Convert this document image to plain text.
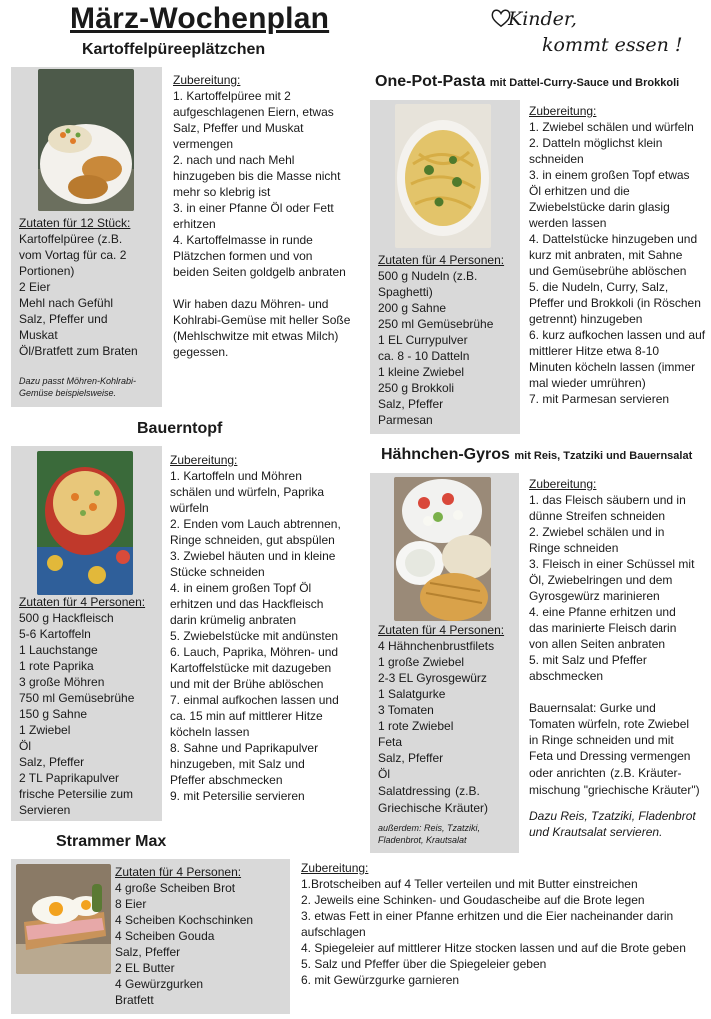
März-Wochenplan	Kinder,
kommt essen !
Kartoffelpüreeplätzchen
Zutaten für 12 Stück:
Kartoffelpüree (z.B.
vom Vortag für ca. 2
Portionen)
2 Eier
Mehl nach Gefühl
Salz, Pfeffer und
Muskat
Öl/Bratfett zum Braten
Dazu passt Möhren-Kohlrabi-
Gemüse beispielsweise.
Zubereitung:
1. Kartoffelpüree mit 2
aufgeschlagenen Eiern, etwas
Salz, Pfeffer und Muskat
vermengen
2. nach und nach Mehl
hinzugeben bis die Masse nicht
mehr so klebrig ist
3. in einer Pfanne Öl oder Fett
erhitzen
4. Kartoffelmasse in runde
Plätzchen formen und von
beiden Seiten goldgelb anbraten
Wir haben dazu Möhren- und
Kohlrabi-Gemüse mit heller Soße
(Mehlschwitze mit etwas Milch)
gegessen.
One-Pot-Pasta mit Dattel-Curry-Sauce und Brokkoli
Zutaten für 4 Personen:
500 g Nudeln (z.B.
Spaghetti)
200 g Sahne
250 ml Gemüsebrühe
1 EL Currypulver
ca. 8 - 10 Datteln
1 kleine Zwiebel
250 g Brokkoli
Salz, Pfeffer
Parmesan
Zubereitung:
1. Zwiebel schälen und würfeln
2. Datteln möglichst klein
schneiden
3. in einem großen Topf etwas
Öl erhitzen und die
Zwiebelstücke darin glasig
werden lassen
4. Dattelstücke hinzugeben und
kurz mit anbraten, mit Sahne
und Gemüsebrühe ablöschen
5. die Nudeln, Curry, Salz,
Pfeffer und Brokkoli (in Röschen
getrennt) hinzugeben
6. kurz aufkochen lassen und auf
mittlerer Hitze etwa 8-10
Minuten köcheln lassen (immer
mal wieder umrühren)
7. mit Parmesan servieren
Bauerntopf
Zutaten für 4 Personen:
500 g Hackfleisch
5-6 Kartoffeln
1 Lauchstange
1 rote Paprika
3 große Möhren
750 ml Gemüsebrühe
150 g Sahne
1 Zwiebel
Öl
Salz, Pfeffer
2 TL Paprikapulver
frische Petersilie zum
Servieren
Zubereitung:
1. Kartoffeln und Möhren
schälen und würfeln, Paprika
würfeln
2. Enden vom Lauch abtrennen,
Ringe schneiden, gut abspülen
3. Zwiebel häuten und in kleine
Stücke schneiden
4. in einem großen Topf Öl
erhitzen und das Hackfleisch
darin krümelig anbraten
5. Zwiebelstücke mit andünsten
6. Lauch, Paprika, Möhren- und
Kartoffelstücke mit dazugeben
und mit der Brühe ablöschen
7. einmal aufkochen lassen und
ca. 15 min auf mittlerer Hitze
köcheln lassen
8. Sahne und Paprikapulver
hinzugeben, mit Salz und
Pfeffer abschmecken
9. mit Petersilie servieren
Hähnchen-Gyros mit Reis, Tzatziki und Bauernsalat
Zutaten für 4 Personen:
4 Hähnchenbrustfilets
1 große Zwiebel
2-3 EL Gyrosgewürz
1 Salatgurke
3 Tomaten
1 rote Zwiebel
Feta
Salz, Pfeffer
Öl
Salatdressing (z.B.
Griechische Kräuter)
außerdem: Reis, Tzatziki,
Fladenbrot, Krautsalat
Zubereitung:
1. das Fleisch säubern und in
dünne Streifen schneiden
2. Zwiebel schälen und in
Ringe schneiden
3. Fleisch in einer Schüssel mit
Öl, Zwiebelringen und dem
Gyrosgewürz marinieren
4. eine Pfanne erhitzen und
das marinierte Fleisch darin
von allen Seiten anbraten
5. mit Salz und Pfeffer
abschmecken
Bauernsalat: Gurke und
Tomaten würfeln, rote Zwiebel
in Ringe schneiden und mit
Feta und Dressing vermengen
oder anrichten (z.B. Kräuter-
mischung "griechische Kräuter")
Dazu Reis, Tzatziki, Fladenbrot
und Krautsalat servieren.
Strammer Max
Zutaten für 4 Personen:
4 große Scheiben Brot
8 Eier
4 Scheiben Kochschinken
4 Scheiben Gouda
Salz, Pfeffer
2 EL Butter
4 Gewürzgurken
Bratfett
Zubereitung:
1.Brotscheiben auf 4 Teller verteilen und mit Butter einstreichen
2. Jeweils eine Schinken- und Goudascheibe auf die Brote legen
3. etwas Fett in einer Pfanne erhitzen und die Eier nacheinander darin
aufschlagen
4. Spiegeleier auf mittlerer Hitze stocken lassen und auf die Brote geben
5. Salz und Pfeffer über die Spiegeleier geben
6. mit Gewürzgurke garnieren
